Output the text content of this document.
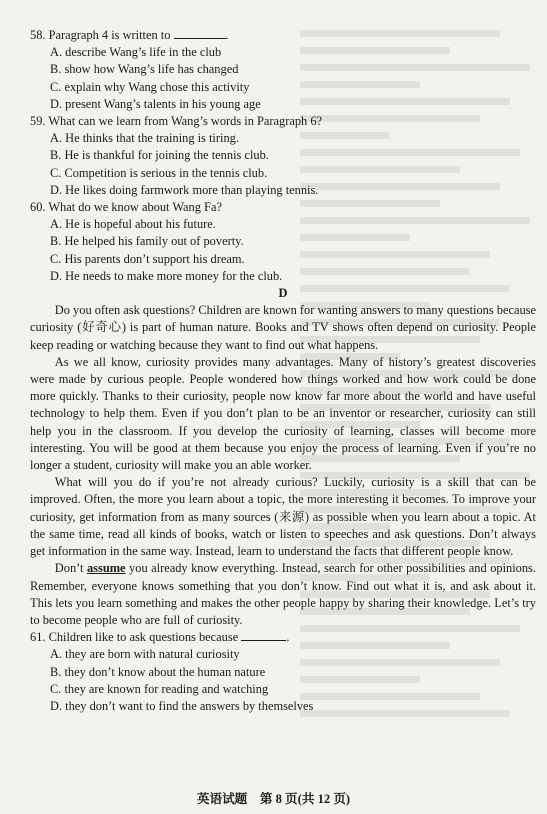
58. Paragraph 4 is written to	.

A. describe Wang’s life in the club

B. show how Wang’s life has changed

C. explain why Wang chose this activity

D. present Wang’s talents in his young age

59. What can we learn from Wang’s words in Paragraph 6?

A. He thinks that the training is tiring.

B. He is thankful for joining the tennis club.

C. Competition is serious in the tennis club.

D. He likes doing farmwork more than playing tennis.

60. What do we know about Wang Fa?

A. He is hopeful about his future.

B. He helped his family out of poverty.

C. His parents don’t support his dream.

D. He needs to make more money for the club.

D

Do you often ask questions? Children are known for wanting answers to many questions because curiosity (好奇心) is part of human nature. Books and TV shows often depend on curiosity. People keep reading or watching because they want to find out what happens.

As we all know, curiosity provides many advantages. Many of history’s greatest discoveries were made by curious people. People wondered how things worked and how work could be done more quickly. Thanks to their curiosity, people now know far more about the world and have useful technology to help them. Even if you don’t plan to be an inventor or researcher, curiosity can still help you in the classroom. If you develop the curiosity of learning, classes will become more interesting. You will be good at them because you enjoy the process of learning. Even if you’re no longer a student, curiosity will make you an able worker.

What will you do if you’re not already curious? Luckily, curiosity is a skill that can be improved. Often, the more you learn about a topic, the more interesting it becomes. To improve your curiosity, get information from as many sources (来源) as possible when you learn about a topic. At the same time, read all kinds of books, watch or listen to speeches and ask questions. Don’t always get information in the same way. Instead, learn to understand the facts that different people know.

Don’t assume you already know everything. Instead, search for other possibilities and opinions. Remember, everyone knows something that you don’t know. Find out what it is, and ask about it. This lets you learn something and makes the other people happy by sharing their knowledge. Let’s try to become people who are full of curiosity.

61. Children like to ask questions because	.

A. they are born with natural curiosity

B. they don’t know about the human nature

C. they are known for reading and watching

D. they don’t want to find the answers by themselves

英语试题　第 8 页(共 12 页)
